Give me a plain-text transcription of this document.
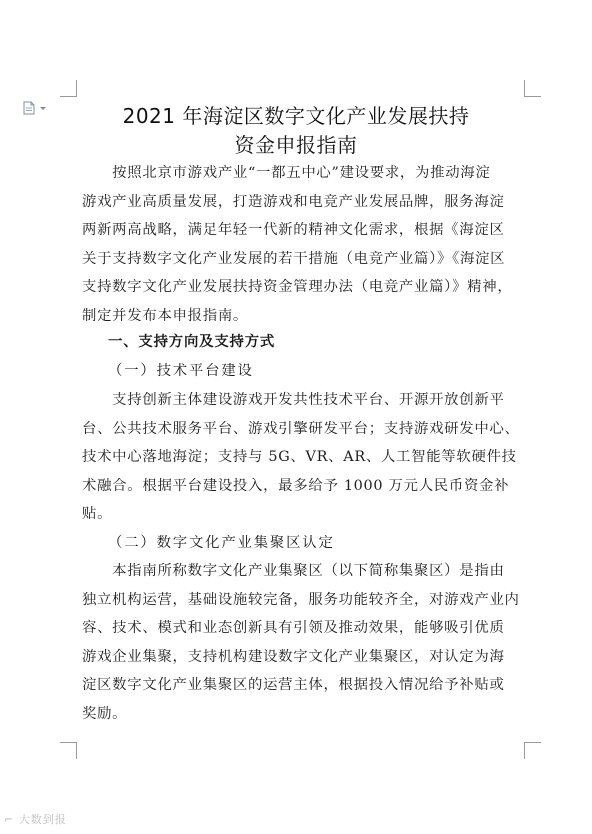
2021 年海淀区数字文化产业发展扶持
资金申报指南
　　按照北京市游戏产业“一都五中心”建设要求，为推动海淀
游戏产业高质量发展，打造游戏和电竞产业发展品牌，服务海淀
两新两高战略，满足年轻一代新的精神文化需求，根据《海淀区
关于支持数字文化产业发展的若干措施（电竞产业篇）》《海淀区
支持数字文化产业发展扶持资金管理办法（电竞产业篇）》精神，
制定并发布本申报指南。
一、支持方向及支持方式
（一）技术平台建设
　　支持创新主体建设游戏开发共性技术平台、开源开放创新平
台、公共技术服务平台、游戏引擎研发平台；支持游戏研发中心、
技术中心落地海淀；支持与 5G、VR、AR、人工智能等软硬件技
术融合。根据平台建设投入，最多给予 1000 万元人民币资金补
贴。
（二）数字文化产业集聚区认定
　　本指南所称数字文化产业集聚区（以下简称集聚区）是指由
独立机构运营，基础设施较完备，服务功能较齐全，对游戏产业内
容、技术、模式和业态创新具有引领及推动效果，能够吸引优质
游戏企业集聚，支持机构建设数字文化产业集聚区，对认定为海
淀区数字文化产业集聚区的运营主体，根据投入情况给予补贴或
奖励。
⌐ 大数到报
